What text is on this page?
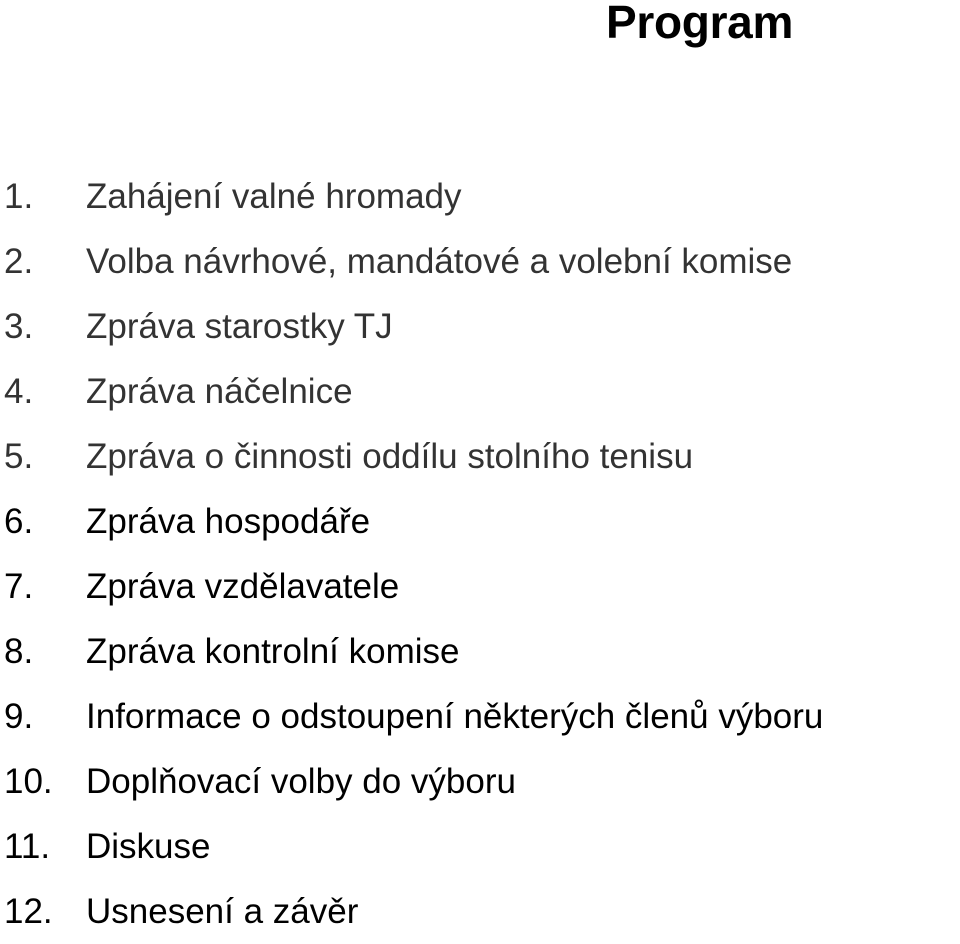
Program
1.	Zahájení valné hromady
2.	Volba návrhové, mandátové a volební komise
3.	Zpráva starostky TJ
4.	Zpráva náčelnice
5.	Zpráva o činnosti oddílu stolního tenisu
6.	Zpráva hospodáře
7.	Zpráva vzdělavatele
8.	Zpráva kontrolní komise
9.	Informace o odstoupení některých členů výboru
10. Doplňovací volby do výboru
11.	Diskuse
12. Usnesení a závěr
